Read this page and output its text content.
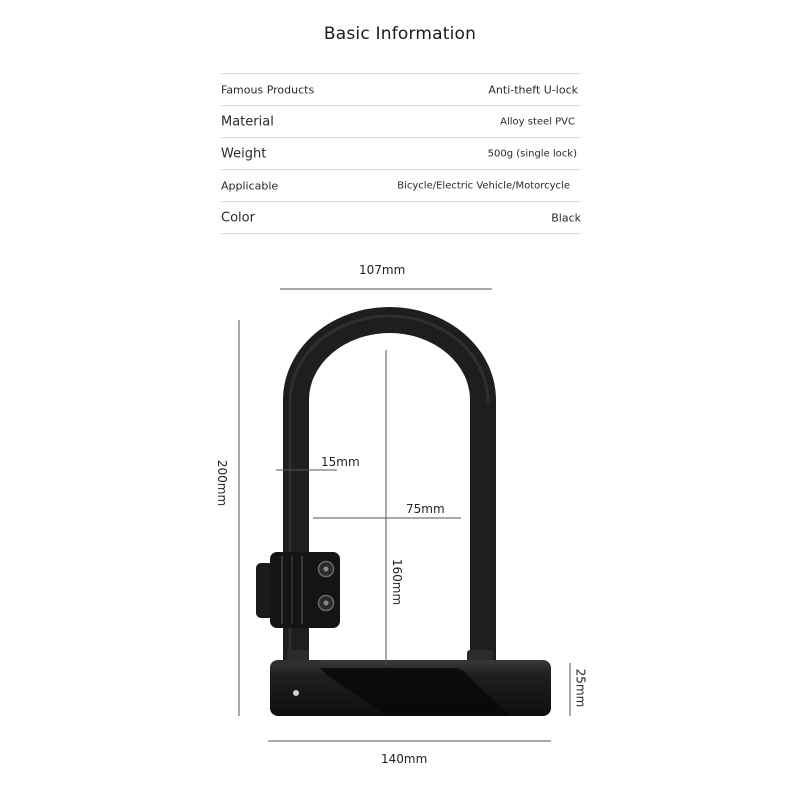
Basic Information
Famous Products	Anti-theft U-lock
Material	Alloy steel PVC
Weight	500g (single lock)
Applicable	Bicycle/Electric Vehicle/Motorcycle
Color	Black
107mm
200mm	15mm
75mm
160mm
25mm
140mm
